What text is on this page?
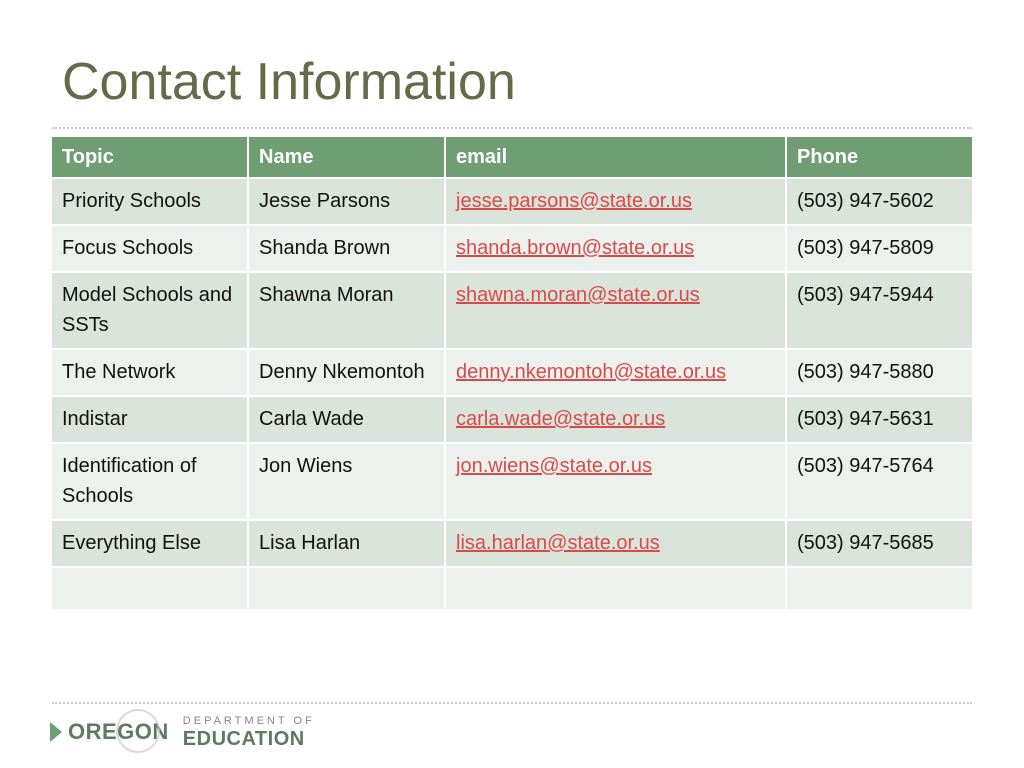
Contact Information
Topic	Name	email	Phone
Priority Schools	Jesse Parsons	jesse.parsons@state.or.us	(503) 947-5602
Focus Schools	Shanda Brown	shanda.brown@state.or.us	(503) 947-5809
Model Schools and SSTs	Shawna Moran	shawna.moran@state.or.us	(503) 947-5944
The Network	Denny Nkemontoh	denny.nkemontoh@state.or.us	(503) 947-5880
Indistar	Carla Wade	carla.wade@state.or.us	(503) 947-5631
Identification of Schools	Jon Wiens	jon.wiens@state.or.us	(503) 947-5764
Everything Else	Lisa Harlan	lisa.harlan@state.or.us	(503) 947-5685

OREGON DEPARTMENT OF
EDUCATION
